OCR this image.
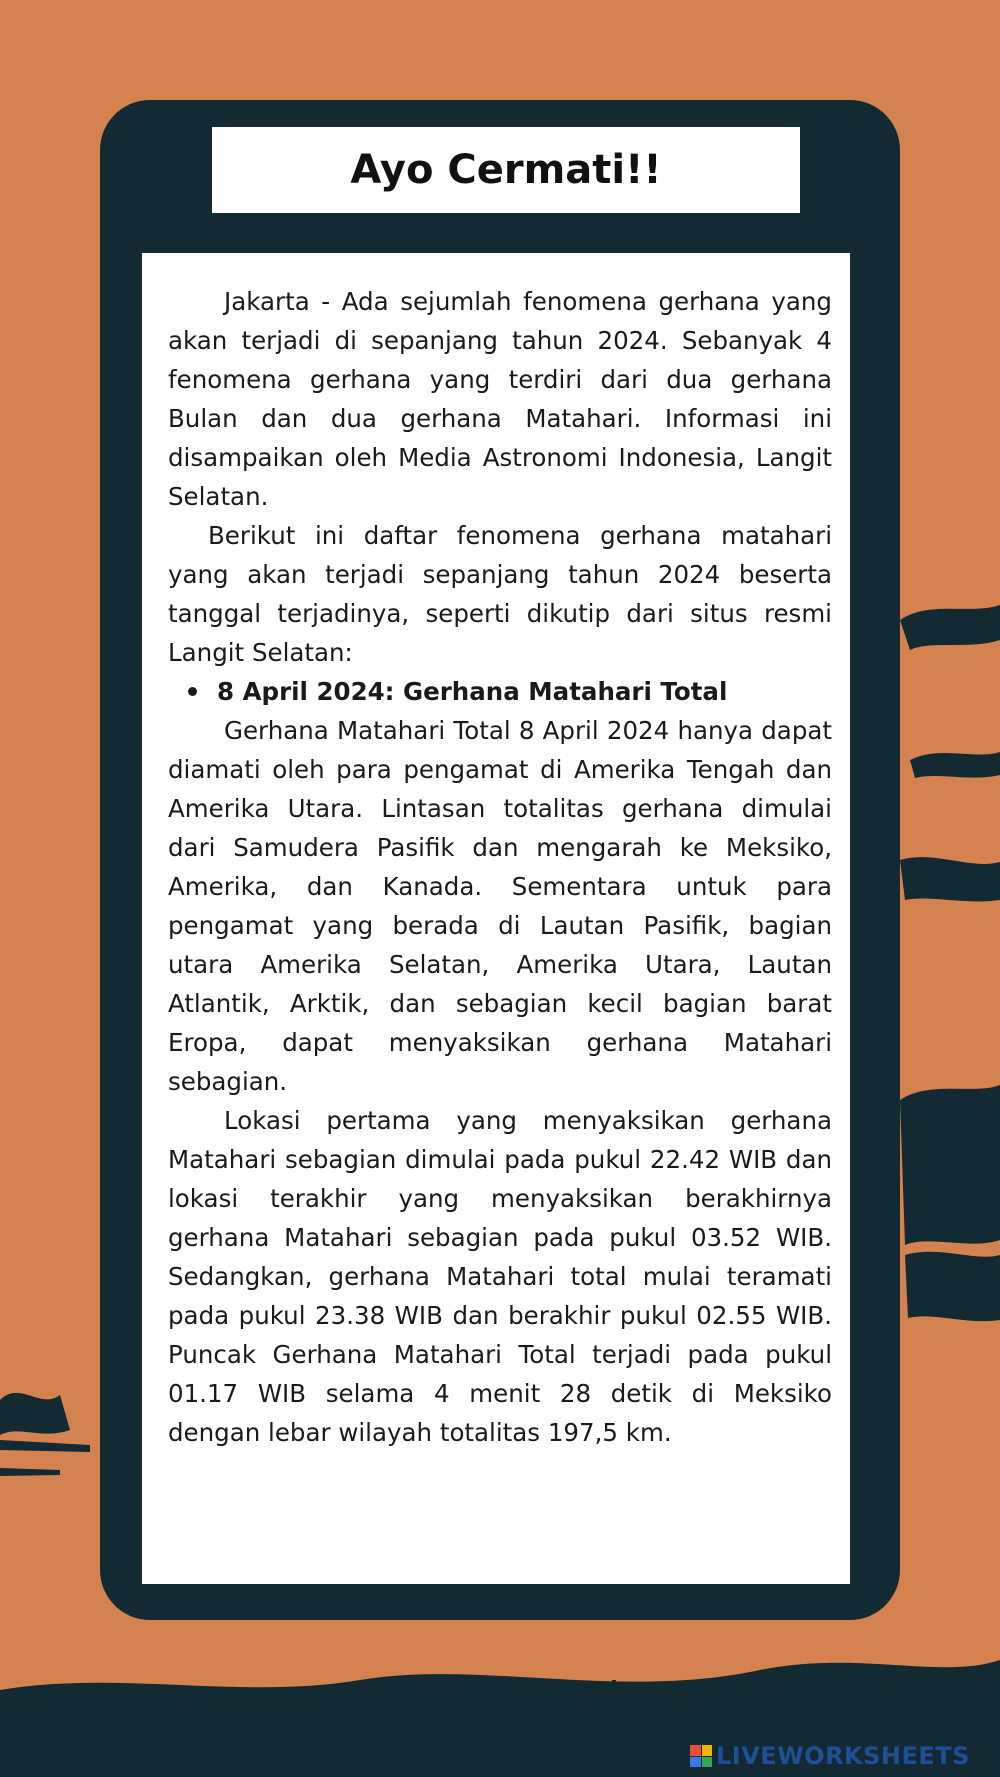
Ayo Cermati!!

Jakarta - Ada sejumlah fenomena gerhana yang akan terjadi di sepanjang tahun 2024. Sebanyak 4 fenomena gerhana yang terdiri dari dua gerhana Bulan dan dua gerhana Matahari. Informasi ini disampaikan oleh Media Astronomi Indonesia, Langit Selatan.

Berikut ini daftar fenomena gerhana matahari yang akan terjadi sepanjang tahun 2024 beserta tanggal terjadinya, seperti dikutip dari situs resmi Langit Selatan:

8 April 2024: Gerhana Matahari Total

Gerhana Matahari Total 8 April 2024 hanya dapat diamati oleh para pengamat di Amerika Tengah dan Amerika Utara. Lintasan totalitas gerhana dimulai dari Samudera Pasifik dan mengarah ke Meksiko, Amerika, dan Kanada. Sementara untuk para pengamat yang berada di Lautan Pasifik, bagian utara Amerika Selatan, Amerika Utara, Lautan Atlantik, Arktik, dan sebagian kecil bagian barat Eropa, dapat menyaksikan gerhana Matahari sebagian.

Lokasi pertama yang menyaksikan gerhana Matahari sebagian dimulai pada pukul 22.42 WIB dan lokasi terakhir yang menyaksikan berakhirnya gerhana Matahari sebagian pada pukul 03.52 WIB. Sedangkan, gerhana Matahari total mulai teramati pada pukul 23.38 WIB dan berakhir pukul 02.55 WIB. Puncak Gerhana Matahari Total terjadi pada pukul 01.17 WIB selama 4 menit 28 detik di Meksiko dengan lebar wilayah totalitas 197,5 km.

LIVEWORKSHEETS
